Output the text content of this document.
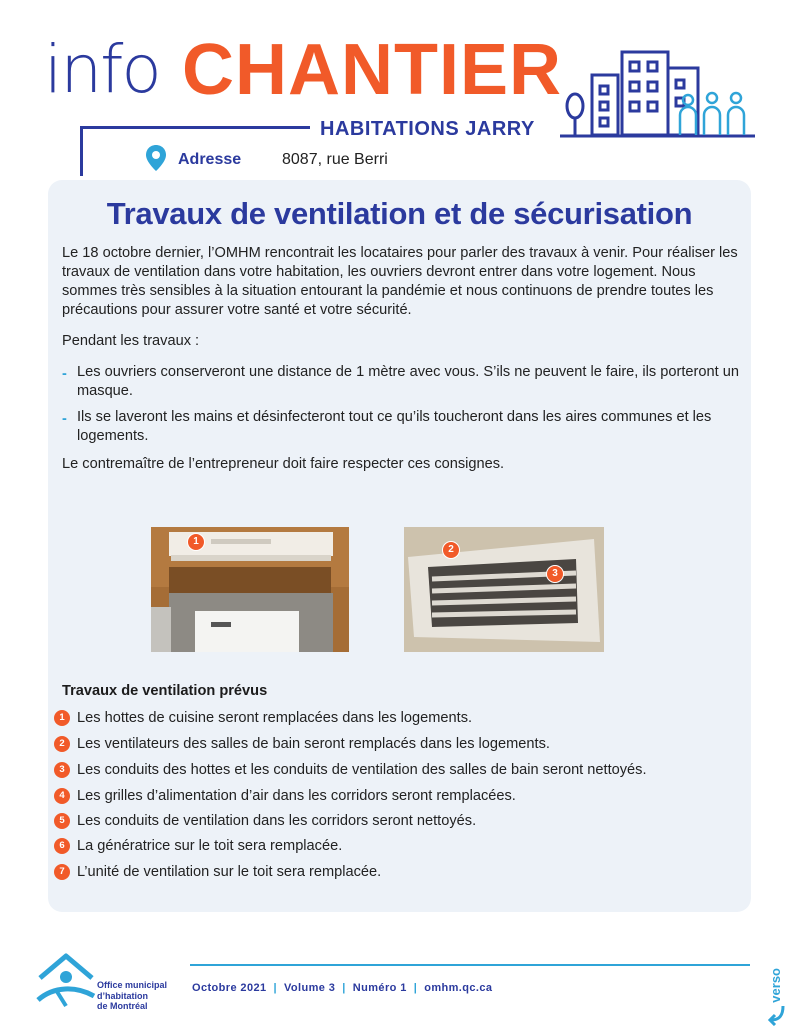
info CHANTIER
HABITATIONS JARRY
Adresse	8087, rue Berri
Travaux de ventilation et de sécurisation

Le 18 octobre dernier, l’OMHM rencontrait les locataires pour parler des travaux à venir. Pour réaliser les travaux de ventilation dans votre habitation, les ouvriers devront entrer dans votre logement. Nous sommes très sensibles à la situation entourant la pandémie et nous continuons de prendre toutes les précautions pour assurer votre santé et votre sécurité.

Pendant les travaux :

- Les ouvriers conserveront une distance de 1 mètre avec vous. S’ils ne peuvent le faire, ils porteront un masque.
- Ils se laveront les mains et désinfecteront tout ce qu’ils toucheront dans les aires communes et les logements.

Le contremaître de l’entrepreneur doit faire respecter ces consignes.

1
2
3
Travaux de ventilation prévus
1 Les hottes de cuisine seront remplacées dans les logements.
2 Les ventilateurs des salles de bain seront remplacés dans les logements.
3 Les conduits des hottes et les conduits de ventilation des salles de bain seront nettoyés.
4 Les grilles d’alimentation d’air dans les corridors seront remplacées.
5 Les conduits de ventilation dans les corridors seront nettoyés.
6 La génératrice sur le toit sera remplacée.
7 L’unité de ventilation sur le toit sera remplacée.
Office municipal
d’habitation
de Montréal
Octobre 2021 | Volume 3 | Numéro 1 | omhm.qc.ca	verso
